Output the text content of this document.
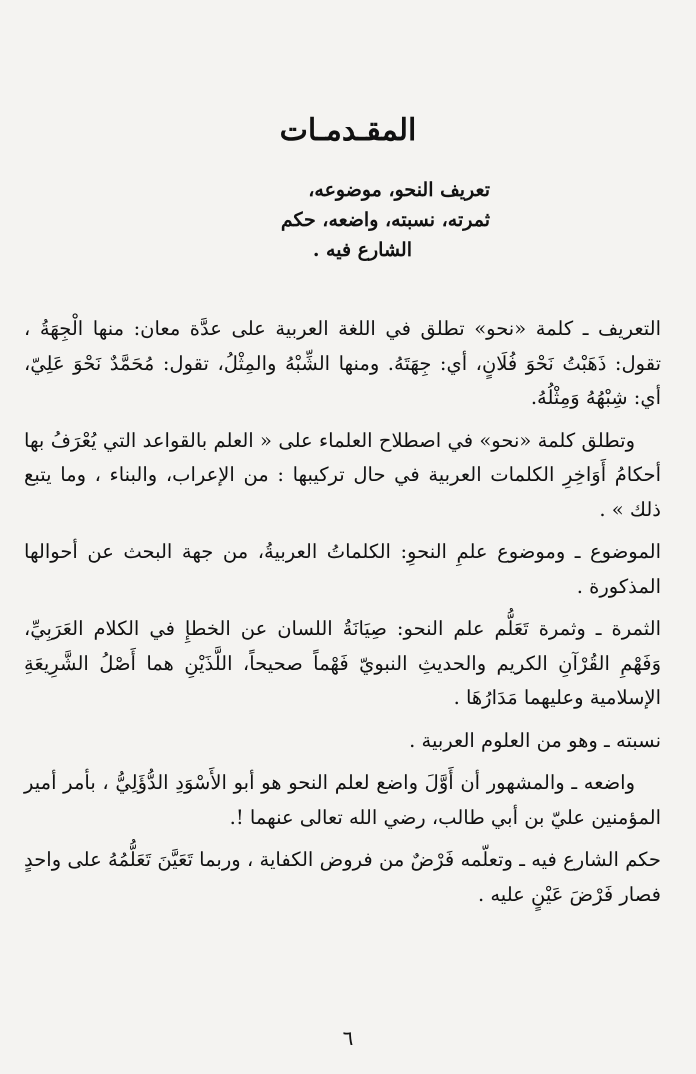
المقـدمـات
تعريف النحو، موضوعه،
ثمرته، نسبته، واضعه، حكم
الشارع فيه .

التعريف ـ كلمة «نحو» تطلق في اللغة العربية على عدَّة معان: منها الْجِهَةُ ، تقول: ذَهَبْتُ نَحْوَ فُلَانٍ، أي: جِهَتَهُ. ومنها الشِّبْهُ والمِثْلُ، تقول: مُحَمَّدٌ نَحْوَ عَلِيّ، أي: شِبْهُهُ وَمِثْلُهُ.

وتطلق كلمة «نحو» في اصطلاح العلماء على « العلم بالقواعد التي يُعْرَفُ بها أحكامُ أَوَاخِرِ الكلمات العربية في حال تركيبها : من الإعراب، والبناء ، وما يتبع ذلك » .

الموضوع ـ وموضوع علمِ النحوِ: الكلماتُ العربيةُ، من جهة البحث عن أحوالها المذكورة .

الثمرة ـ وثمرة تَعَلُّم علم النحو: صِيَانَةُ اللسان عن الخطإِ في الكلام العَرَبِيِّ، وَفَهْمِ القُرْآنِ الكريم والحديثِ النبويّ فَهْماً صحيحاً، اللَّذَيْنِ هما أَصْلُ الشَّرِيعَةِ الإسلامية وعليهما مَدَارُهَا .

نسبته ـ وهو من العلوم العربية .

واضعه ـ والمشهور أن أَوَّلَ واضع لعلم النحو هو أبو الأَسْوَدِ الدُّؤَلِيُّ ، بأمر أمير المؤمنين عليّ بن أبي طالب، رضي الله تعالى عنهما !.

حكم الشارع فيه ـ وتعلّمه فَرْضٌ من فروض الكفاية ، وربما تَعَيَّنَ تَعَلُّمُهُ على واحدٍ فصار فَرْضَ عَيْنٍ عليه .

٦
